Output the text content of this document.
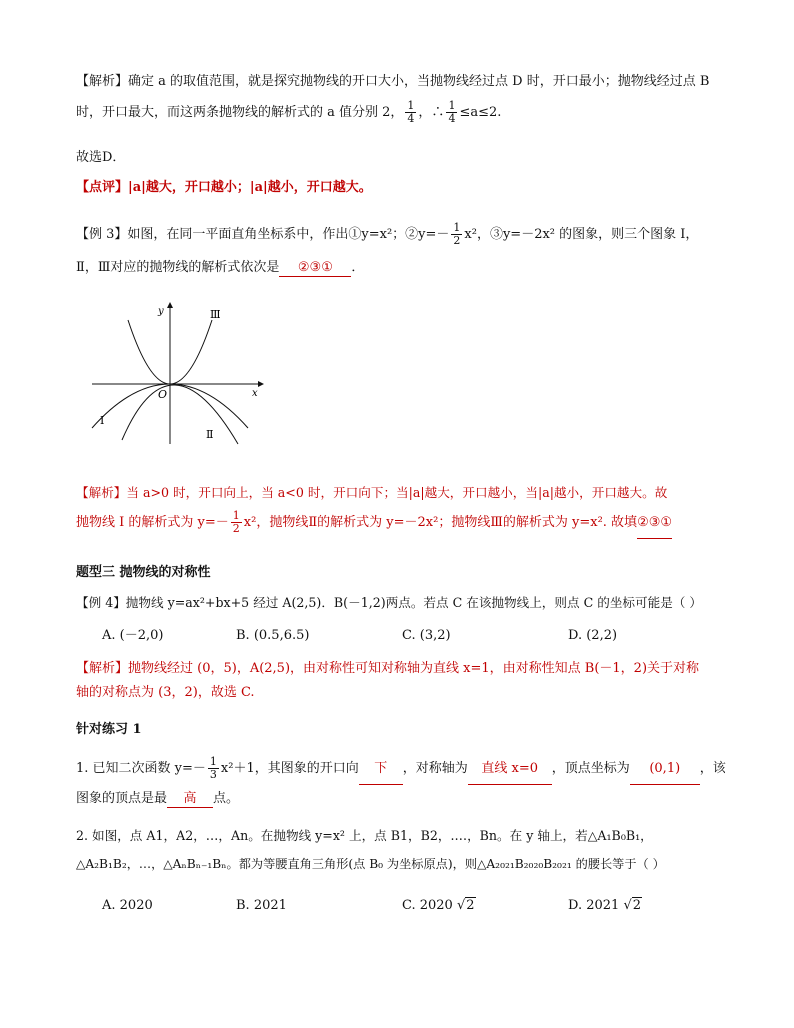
【解析】确定 a 的取值范围，就是探究抛物线的开口大小，当抛物线经过点 D 时，开口最小；抛物线经过点 B
时，开口最大，而这两条抛物线的解析式的 a 值分别 2， $\frac{1}{4}$ ，∴ $\frac{1}{4} \le a\le 2$.
故选D．
【点评】|a|越大，开口越小；|a|越小，开口越大。
【例 3】如图，在同一平面直角坐标系中，作出①y=x²；②y=－ $\frac{1}{2} x^2$，③y=－2x² 的图象，则三个图象 I，
Ⅱ，Ⅲ对应的抛物线的解析式依次是 ②③① ．
y
x
O
Ⅲ
I
Ⅱ
【解析】当 a>0 时，开口向上，当 a<0 时，开口向下；当|a|越大，开口越小，当|a|越小，开口越大。故
抛物线 I 的解析式为 $y=- \frac{1}{2} x^2$，抛物线Ⅱ的解析式为 y=－2x²；抛物线Ⅲ的解析式为 y=x². 故填②③①
题型三 抛物线的对称性
【例 4】抛物线 y=ax²+bx+5 经过 A(2,5)．B(－1,2)两点。若点 C 在该抛物线上，则点 C 的坐标可能是（ ）
A. (－2,0)	B. (0.5,6.5)	C. (3,2)	D. (2,2)
【解析】抛物线经过 (0，5)，A(2,5)，由对称性可知对称轴为直线 x=1，由对称性知点 B(－1，2)关于对称
轴的对称点为 (3，2)，故选 C.
针对练习 1
1. 已知二次函数 $y=- \frac{1}{3} x^2+1$，其图象的开口向 下 ，对称轴为 直线 x=0 ，顶点坐标为 (0,1) ，该
图象的顶点是最 高 点。
2. 如图，点 A1，A2，…，An。在抛物线 y=x² 上，点 B1，B2，.…，Bn。在 y 轴上，若△A₁B₀B₁，
△A₂B₁B₂，…，△AₙBₙ₋₁Bₙ。都为等腰直角三角形(点 B₀ 为坐标原点)，则△A₂₀₂₁B₂₀₂₀B₂₀₂₁ 的腰长等于（ ）
A. 2020	B. 2021	C. 2020 √2	D. 2021 √2
